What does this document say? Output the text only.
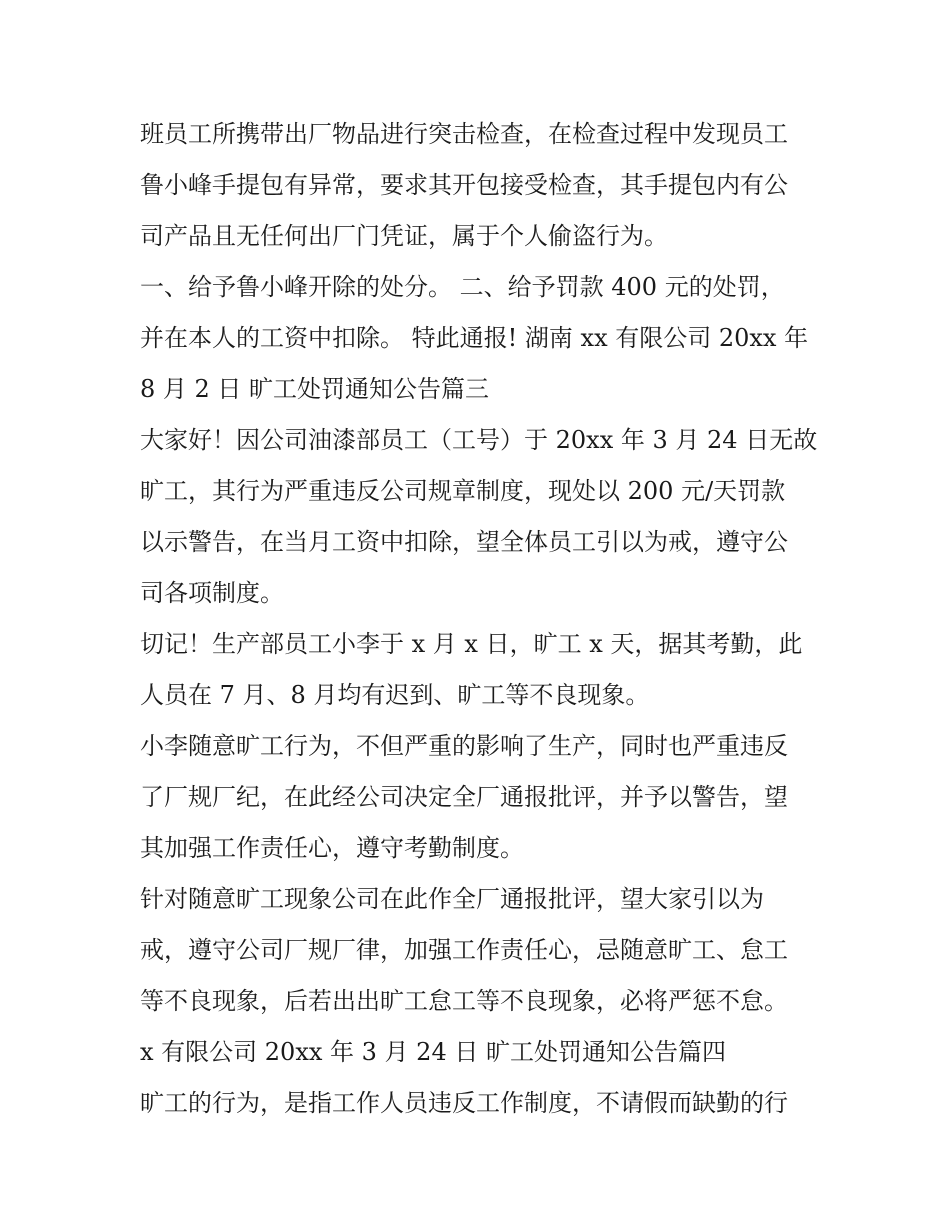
班员工所携带出厂物品进行突击检查，在检查过程中发现员工
鲁小峰手提包有异常，要求其开包接受检查，其手提包内有公
司产品且无任何出厂门凭证，属于个人偷盗行为。
一、给予鲁小峰开除的处分。 二、给予罚款 400 元的处罚，
并在本人的工资中扣除。 特此通报! 湖南 xx 有限公司 20xx 年
8 月 2 日 旷工处罚通知公告篇三
大家好！因公司油漆部员工（工号）于 20xx 年 3 月 24 日无故
旷工，其行为严重违反公司规章制度，现处以 200 元/天罚款
以示警告，在当月工资中扣除，望全体员工引以为戒，遵守公
司各项制度。
切记！生产部员工小李于 x 月 x 日，旷工 x 天，据其考勤，此
人员在 7 月、8 月均有迟到、旷工等不良现象。
小李随意旷工行为，不但严重的影响了生产，同时也严重违反
了厂规厂纪，在此经公司决定全厂通报批评，并予以警告，望
其加强工作责任心，遵守考勤制度。
针对随意旷工现象公司在此作全厂通报批评，望大家引以为
戒，遵守公司厂规厂律，加强工作责任心，忌随意旷工、怠工
等不良现象，后若出出旷工怠工等不良现象，必将严惩不怠。
x 有限公司 20xx 年 3 月 24 日 旷工处罚通知公告篇四
旷工的行为，是指工作人员违反工作制度，不请假而缺勤的行
